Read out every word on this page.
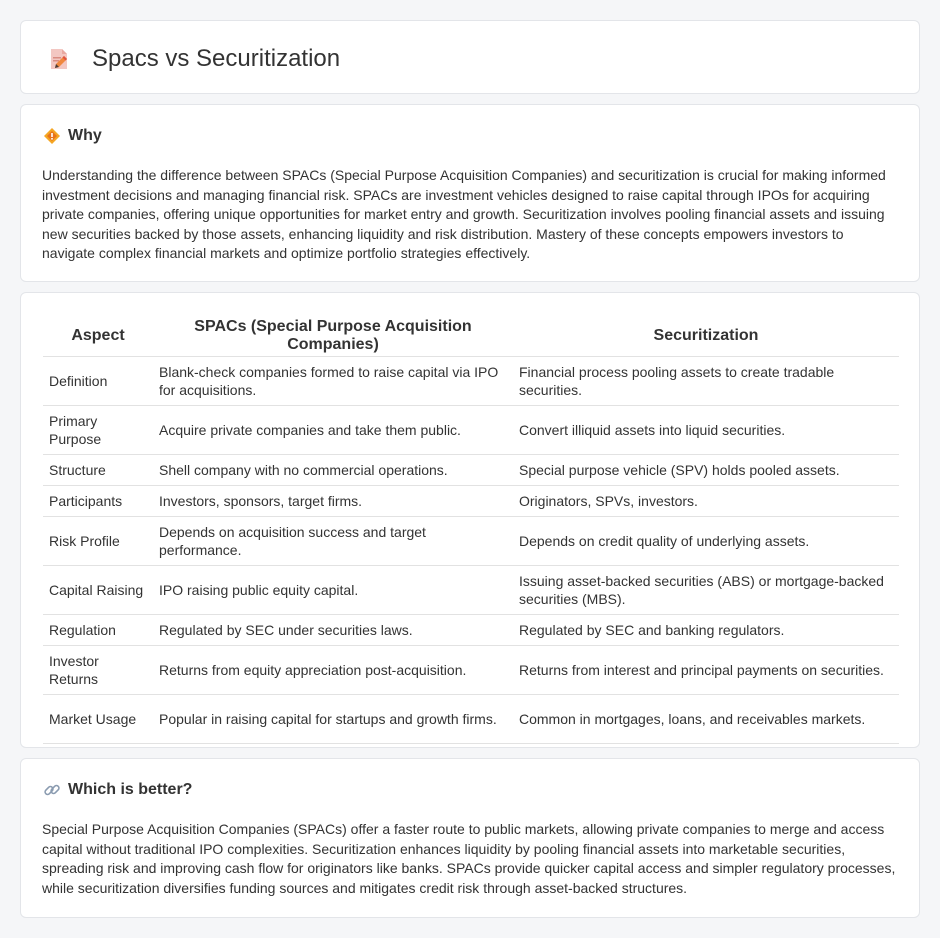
Spacs vs Securitization
Why

Understanding the difference between SPACs (Special Purpose Acquisition Companies) and securitization is crucial for making informed investment decisions and managing financial risk. SPACs are investment vehicles designed to raise capital through IPOs for acquiring private companies, offering unique opportunities for market entry and growth. Securitization involves pooling financial assets and issuing new securities backed by those assets, enhancing liquidity and risk distribution. Mastery of these concepts empowers investors to navigate complex financial markets and optimize portfolio strategies effectively.

Aspect	SPACs (Special Purpose Acquisition Companies)	Securitization
Definition	Blank-check companies formed to raise capital via IPO for acquisitions.	Financial process pooling assets to create tradable securities.
Primary Purpose	Acquire private companies and take them public.	Convert illiquid assets into liquid securities.
Structure	Shell company with no commercial operations.	Special purpose vehicle (SPV) holds pooled assets.
Participants	Investors, sponsors, target firms.	Originators, SPVs, investors.
Risk Profile	Depends on acquisition success and target performance.	Depends on credit quality of underlying assets.
Capital Raising	IPO raising public equity capital.	Issuing asset-backed securities (ABS) or mortgage-backed securities (MBS).
Regulation	Regulated by SEC under securities laws.	Regulated by SEC and banking regulators.
Investor Returns	Returns from equity appreciation post-acquisition.	Returns from interest and principal payments on securities.
Market Usage	Popular in raising capital for startups and growth firms.	Common in mortgages, loans, and receivables markets.
Which is better?

Special Purpose Acquisition Companies (SPACs) offer a faster route to public markets, allowing private companies to merge and access capital without traditional IPO complexities. Securitization enhances liquidity by pooling financial assets into marketable securities, spreading risk and improving cash flow for originators like banks. SPACs provide quicker capital access and simpler regulatory processes, while securitization diversifies funding sources and mitigates credit risk through asset-backed structures.
